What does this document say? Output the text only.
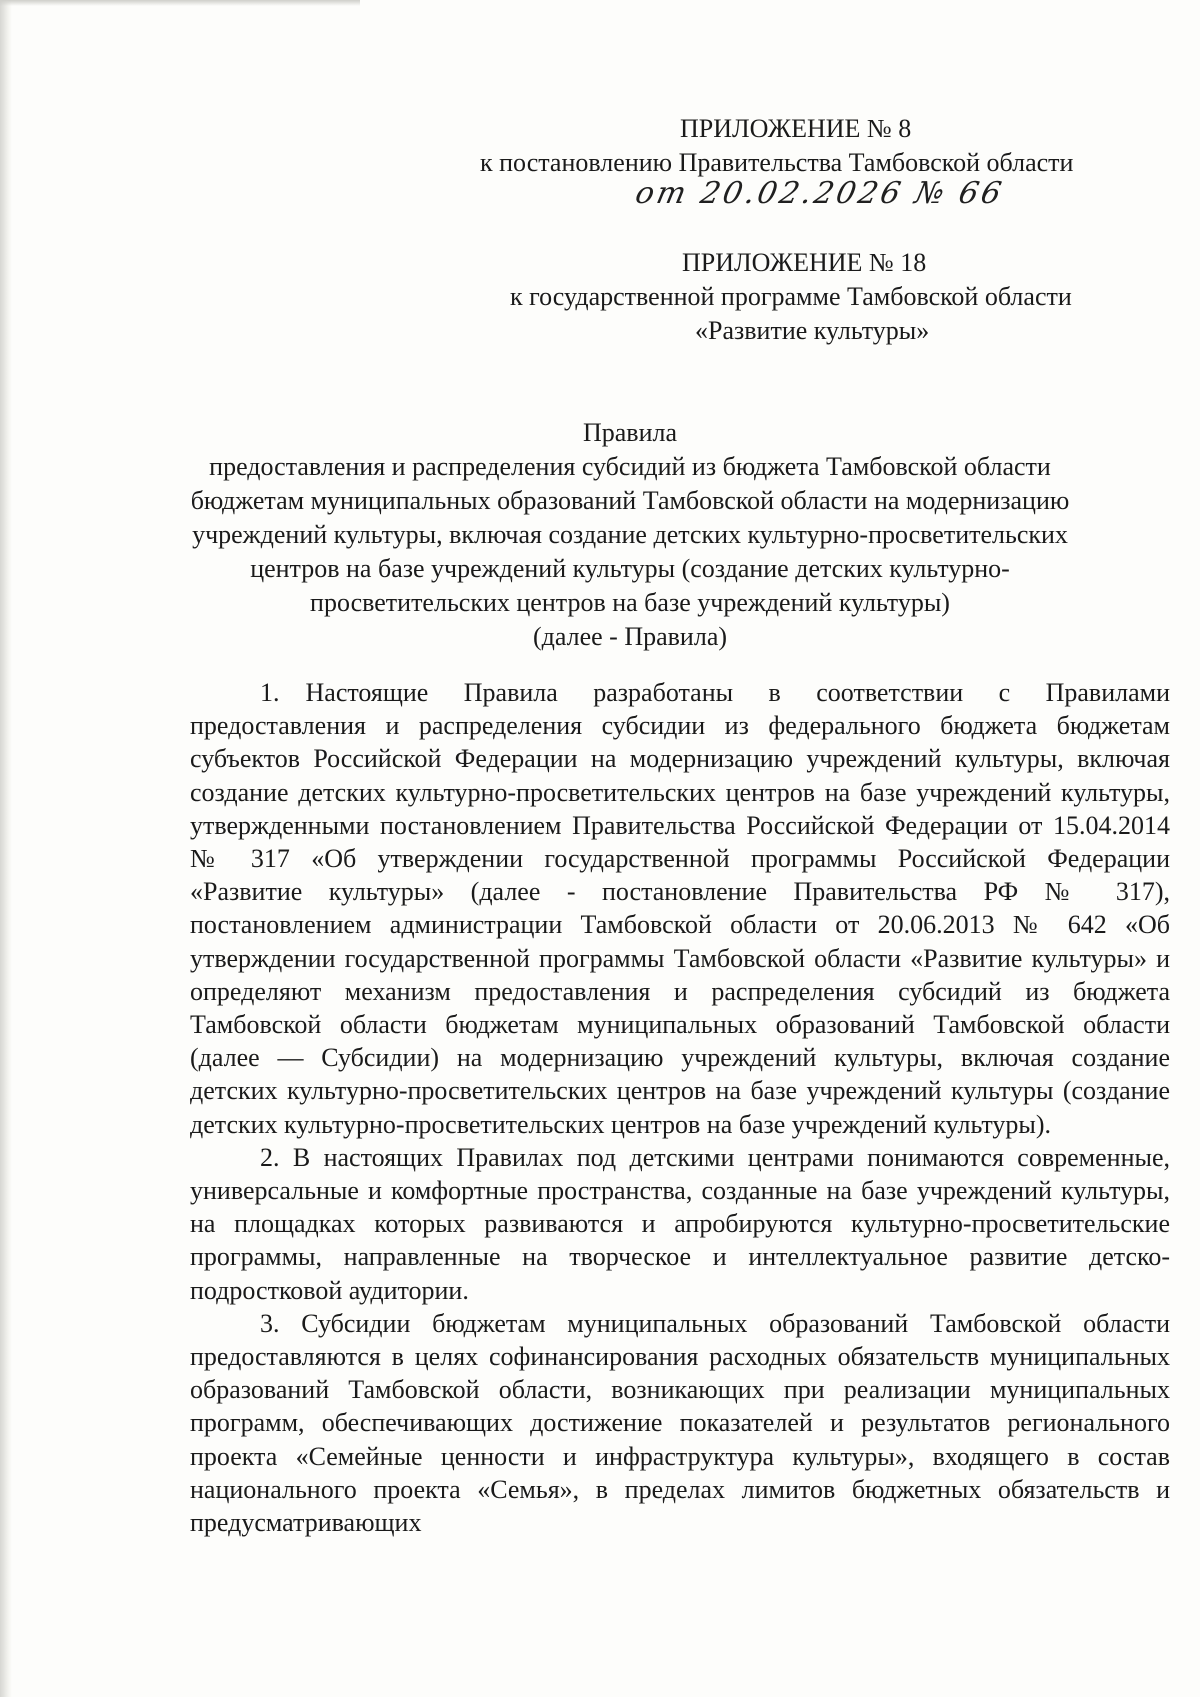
ПРИЛОЖЕНИЕ № 8
к постановлению Правительства Тамбовской области
от 20.02.2026 № 66
ПРИЛОЖЕНИЕ № 18
к государственной программе Тамбовской области
«Развитие культуры»
Правила
предоставления и распределения субсидий из бюджета Тамбовской области
бюджетам муниципальных образований Тамбовской области на модернизацию
учреждений культуры, включая создание детских культурно-просветительских
центров на базе учреждений культуры (создание детских культурно-
просветительских центров на базе учреждений культуры)
(далее - Правила)

1. Настоящие Правила разработаны в соответствии с Правилами предоставления и распределения субсидии из федерального бюджета бюджетам субъектов Российской Федерации на модернизацию учреждений культуры, включая создание детских культурно-просветительских центров на базе учреждений культуры, утвержденными постановлением Правительства Российской Федерации от 15.04.2014 № 317 «Об утверждении государственной программы Российской Федерации «Развитие культуры» (далее - постановление Правительства РФ № 317), постановлением администрации Тамбовской области от 20.06.2013 № 642 «Об утверждении государственной программы Тамбовской области «Развитие культуры» и определяют механизм предоставления и распределения субсидий из бюджета Тамбовской области бюджетам муниципальных образований Тамбовской области (далее — Субсидии) на модернизацию учреждений культуры, включая создание детских культурно-просветительских центров на базе учреждений культуры (создание детских культурно-просветительских центров на базе учреждений культуры).

2. В настоящих Правилах под детскими центрами понимаются современные, универсальные и комфортные пространства, созданные на базе учреждений культуры, на площадках которых развиваются и апробируются культурно-просветительские программы, направленные на творческое и интеллектуальное развитие детско-подростковой аудитории.

3. Субсидии бюджетам муниципальных образований Тамбовской области предоставляются в целях софинансирования расходных обязательств муниципальных образований Тамбовской области, возникающих при реализации муниципальных программ, обеспечивающих достижение показателей и результатов регионального проекта «Семейные ценности и инфраструктура культуры», входящего в состав национального проекта «Семья», в пределах лимитов бюджетных обязательств и предусматривающих
